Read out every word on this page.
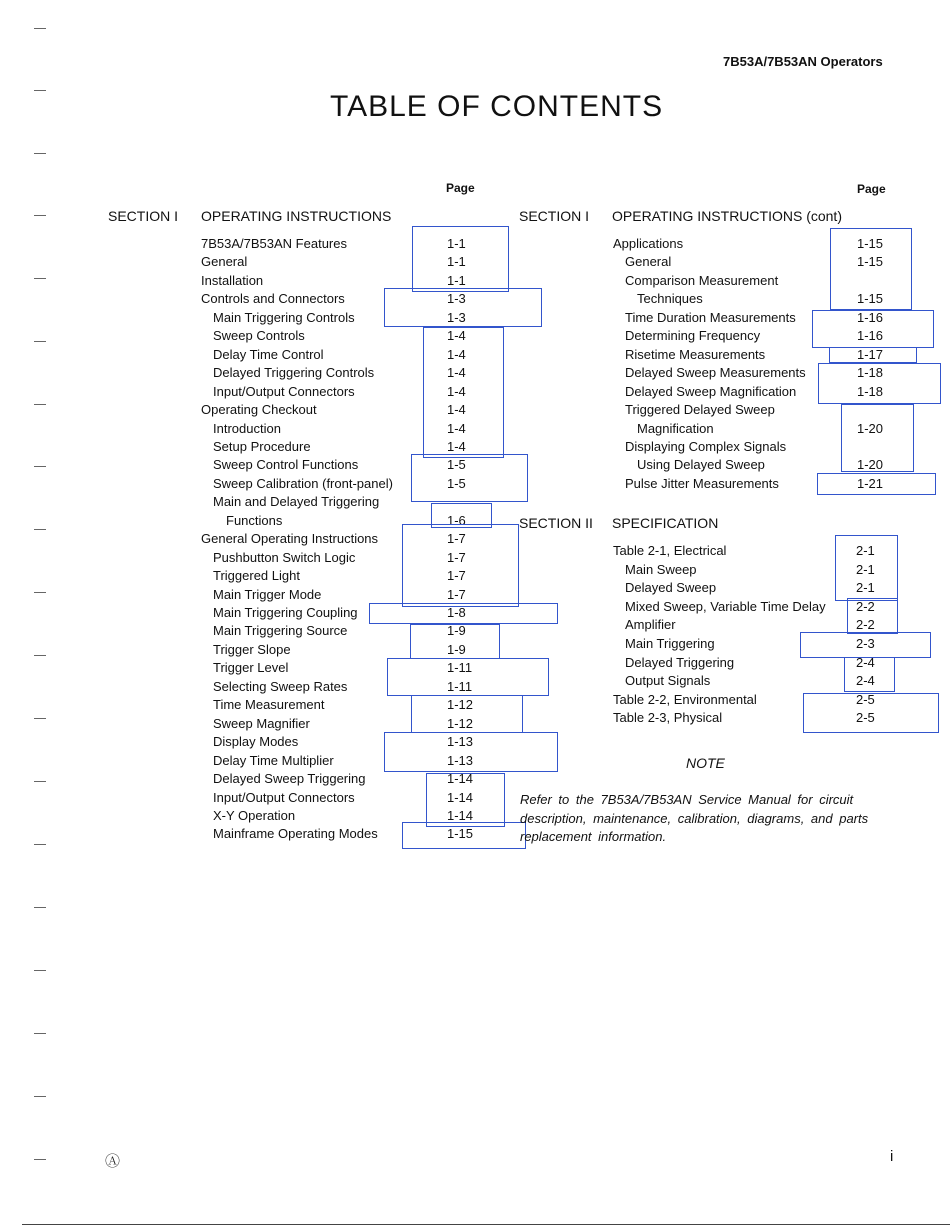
7B53A/7B53AN Operators
TABLE OF CONTENTS
Page	Page
SECTION I OPERATING INSTRUCTIONS	SECTION I OPERATING INSTRUCTIONS (cont)
SECTION II SPECIFICATION
7B53A/7B53AN Features	1-1
General	1-1
Installation	1-1
Controls and Connectors	1-3
Main Triggering Controls	1-3
Sweep Controls	1-4
Delay Time Control	1-4
Delayed Triggering Controls	1-4
Input/Output Connectors	1-4
Operating Checkout	1-4
Introduction	1-4
Setup Procedure	1-4
Sweep Control Functions	1-5
Sweep Calibration (front-panel)	1-5
Main and Delayed Triggering
Functions	1-6
General Operating Instructions	1-7
Pushbutton Switch Logic	1-7
Triggered Light	1-7
Main Trigger Mode	1-7
Main Triggering Coupling	1-8
Main Triggering Source	1-9
Trigger Slope	1-9
Trigger Level	1-11
Selecting Sweep Rates	1-11
Time Measurement	1-12
Sweep Magnifier	1-12
Display Modes	1-13
Delay Time Multiplier	1-13
Delayed Sweep Triggering	1-14
Input/Output Connectors	1-14
X-Y Operation	1-14
Mainframe Operating Modes	1-15
Applications	1-15
General	1-15
Comparison Measurement
Techniques	1-15
Time Duration Measurements	1-16
Determining Frequency	1-16
Risetime Measurements	1-17
Delayed Sweep Measurements	1-18
Delayed Sweep Magnification	1-18
Triggered Delayed Sweep
Magnification	1-20
Displaying Complex Signals
Using Delayed Sweep	1-20
Pulse Jitter Measurements	1-21
Table 2-1, Electrical	2-1
Main Sweep	2-1
Delayed Sweep	2-1
Mixed Sweep, Variable Time Delay 2-2
Amplifier	2-2
Main Triggering	2-3
Delayed Triggering	2-4
Output Signals	2-4
Table 2-2, Environmental	2-5
Table 2-3, Physical	2-5
NOTE
Refer to the 7B53A/7B53AN Service Manual for circuit
description, maintenance, calibration, diagrams, and parts
replacement information.
Ⓐ	i
